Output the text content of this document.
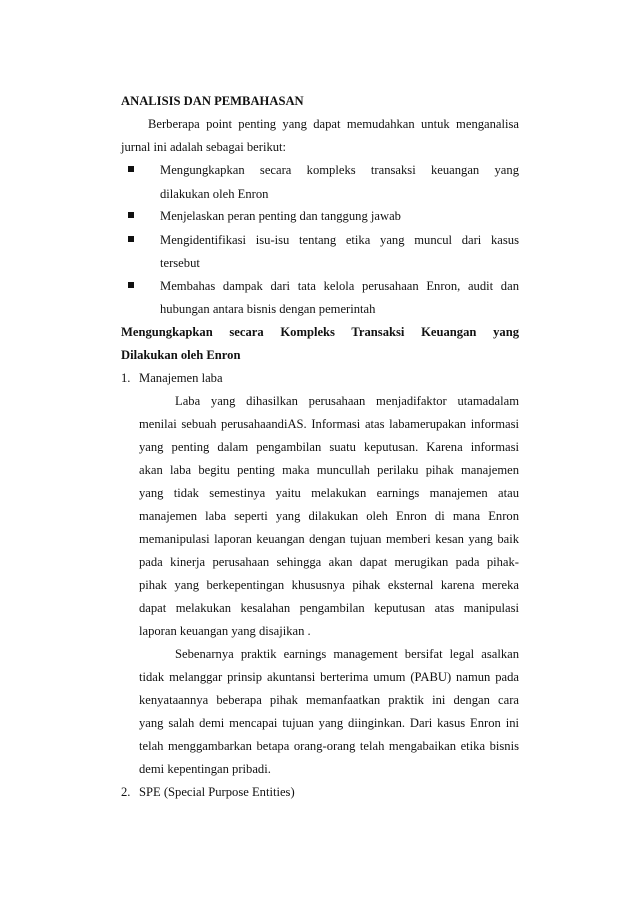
ANALISIS DAN PEMBAHASAN
Berberapa point penting yang dapat memudahkan untuk menganalisa
jurnal ini adalah sebagai berikut:
Mengungkapkan secara kompleks transaksi keuangan yang
dilakukan oleh Enron
Menjelaskan peran penting dan tanggung jawab
Mengidentifikasi isu-isu tentang etika yang muncul dari kasus
tersebut
Membahas dampak dari tata kelola perusahaan Enron, audit dan
hubungan antara bisnis dengan pemerintah
Mengungkapkan secara Kompleks Transaksi Keuangan yang
Dilakukan oleh Enron
1. Manajemen laba
Laba yang dihasilkan perusahaan menjadifaktor utamadalam
menilai sebuah perusahaandiAS. Informasi atas labamerupakan informasi
yang penting dalam pengambilan suatu keputusan. Karena informasi
akan laba begitu penting maka muncullah perilaku pihak manajemen
yang tidak semestinya yaitu melakukan earnings manajemen atau
manajemen laba seperti yang dilakukan oleh Enron di mana Enron
memanipulasi laporan keuangan dengan tujuan memberi kesan yang baik
pada kinerja perusahaan sehingga akan dapat merugikan pada pihak-
pihak yang berkepentingan khususnya pihak eksternal karena mereka
dapat melakukan kesalahan pengambilan keputusan atas manipulasi
laporan keuangan yang disajikan .
Sebenarnya praktik earnings management bersifat legal asalkan
tidak melanggar prinsip akuntansi berterima umum (PABU) namun pada
kenyataannya beberapa pihak memanfaatkan praktik ini dengan cara
yang salah demi mencapai tujuan yang diinginkan. Dari kasus Enron ini
telah menggambarkan betapa orang-orang telah mengabaikan etika bisnis
demi kepentingan pribadi.
2. SPE (Special Purpose Entities)
